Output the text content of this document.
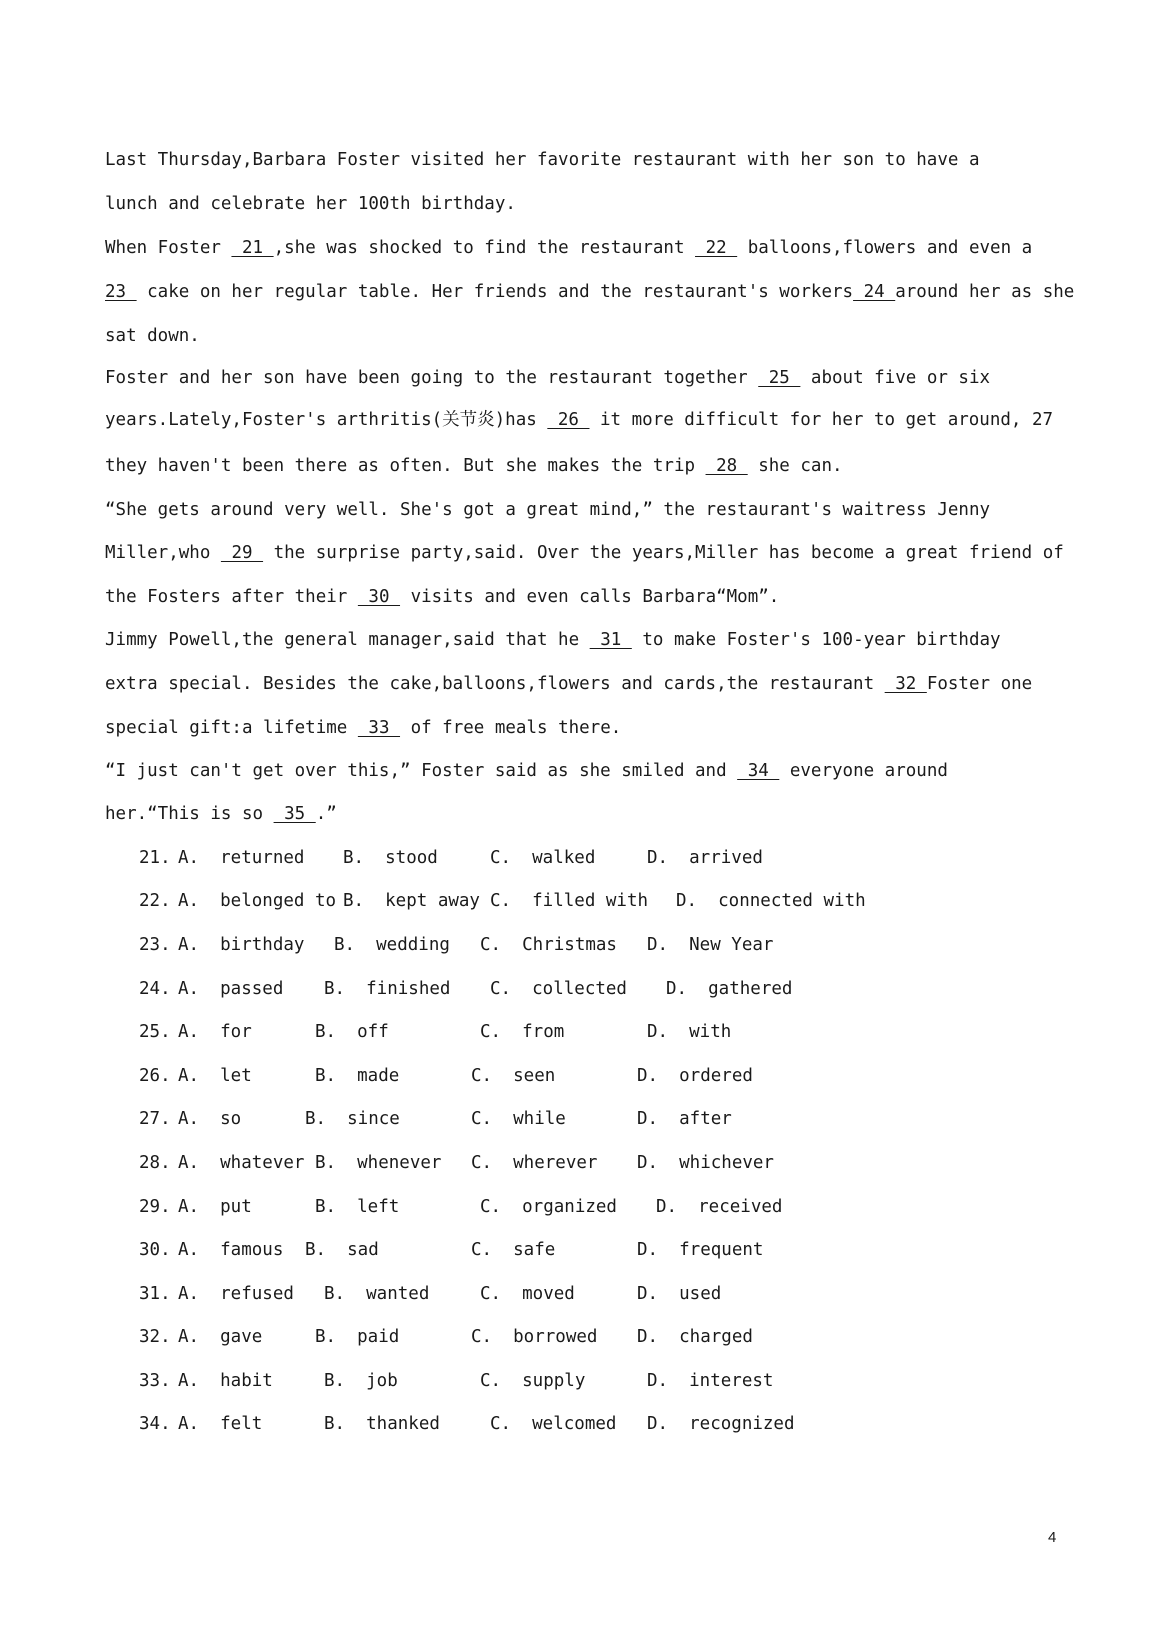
Last Thursday,Barbara Foster visited her favorite restaurant with her son to have a
lunch and celebrate her 100th birthday.
When Foster  21 ,she was shocked to find the restaurant  22  balloons,flowers and even a
23  cake on her regular table. Her friends and the restaurant's workers 24 around her as she
sat down.
Foster and her son have been going to the restaurant together  25  about five or six
years.Lately,Foster's arthritis(关节炎)has  26  it more difficult for her to get around, 27
they haven't been there as often. But she makes the trip  28  she can.
“She gets around very well. She's got a great mind,” the restaurant's waitress Jenny
Miller,who  29  the surprise party,said. Over the years,Miller has become a great friend of
the Fosters after their  30  visits and even calls Barbara“Mom”.
Jimmy Powell,the general manager,said that he  31  to make Foster's 100-year birthday
extra special. Besides the cake,balloons,flowers and cards,the restaurant  32 Foster one
special gift:a lifetime  33  of free meals there.
“I just can't get over this,” Foster said as she smiled and  34  everyone around
her.“This is so  35 .”
21. A.  returned B.  stood	C.  walked	D.  arrived
22. A.  belonged to B.  kept away C.  filled with D.  connected with
23. A.  birthday B.  wedding C.  Christmas D.  New Year
24. A.  passed B.  finished C.  collected D.  gathered
25. A.  for	B.  off	C.  from	D.  with
26. A.  let	B.  made	C.  seen	D.  ordered
27. A.  so	B.  since	C.  while	D.  after
28. A.  whatever B.  whenever C.  wherever D.  whichever
29. A.  put	B.  left	C.  organized D.  received
30. A.  famous B.  sad	C.  safe	D.  frequent
31. A.  refused B.  wanted	C.  moved	D.  used
32. A.  gave	B.  paid	C.  borrowed D.  charged
33. A.  habit	B.  job	C.  supply	D.  interest
34. A.  felt	B.  thanked	C.  welcomed D.  recognized
4
